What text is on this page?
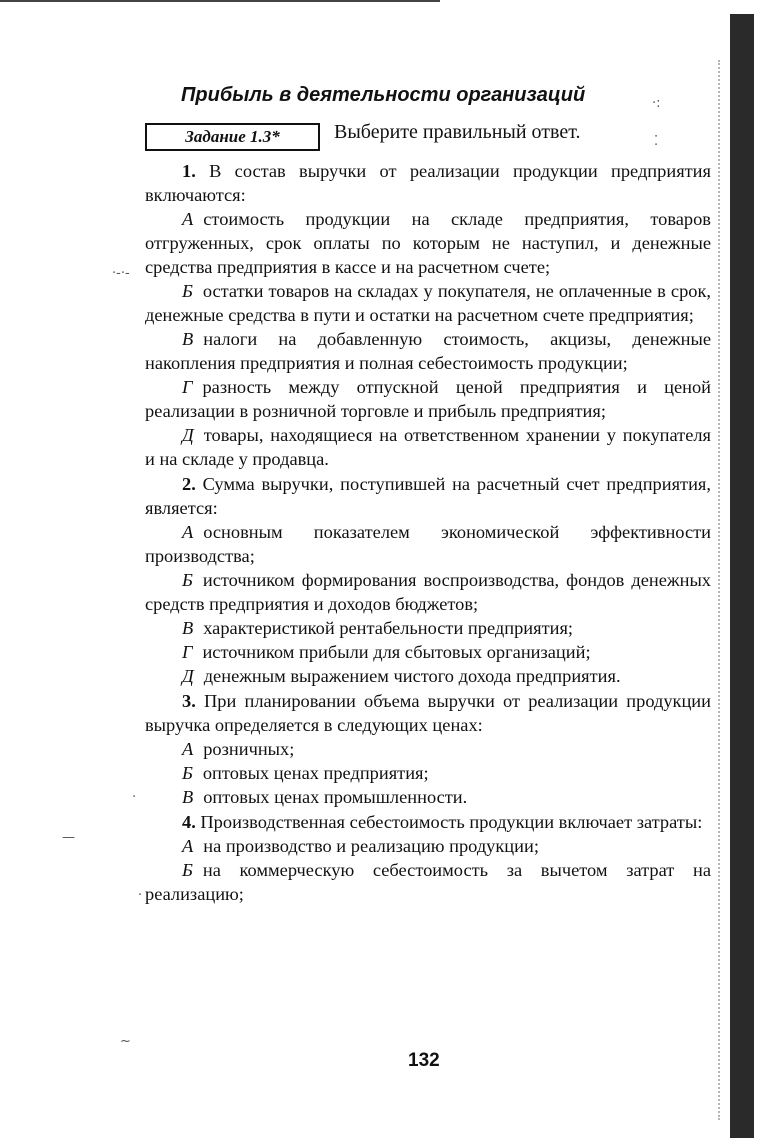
Прибыль в деятельности организаций
Задание 1.3*	Выберите правильный ответ.

1. В состав выручки от реализации продукции предприятия включаются:

А стоимость продукции на складе предприятия, товаров отгруженных, срок оплаты по которым не наступил, и денежные средства предприятия в кассе и на расчетном счете;

Б остатки товаров на складах у покупателя, не оплаченные в срок, денежные средства в пути и остатки на расчетном счете предприятия;

В налоги на добавленную стоимость, акцизы, денежные накопления предприятия и полная себестоимость продукции;

Г разность между отпускной ценой предприятия и ценой реализации в розничной торговле и прибыль предприятия;

Д товары, находящиеся на ответственном хранении у покупателя и на складе у продавца.

2. Сумма выручки, поступившей на расчетный счет предприятия, является:

А основным показателем экономической эффективности производства;

Б источником формирования воспроизводства, фондов денежных средств предприятия и доходов бюджетов;

В характеристикой рентабельности предприятия;

Г источником прибыли для сбытовых организаций;

Д денежным выражением чистого дохода предприятия.

3. При планировании объема выручки от реализации продукции выручка определяется в следующих ценах:

А розничных;

Б оптовых ценах предприятия;

В оптовых ценах промышленности.

4. Производственная себестоимость продукции включает затраты:

А на производство и реализацию продукции;

Б на коммерческую себестоимость за вычетом затрат на реализацию;

132
·-·-
·
—
·
~
·:
⁚
